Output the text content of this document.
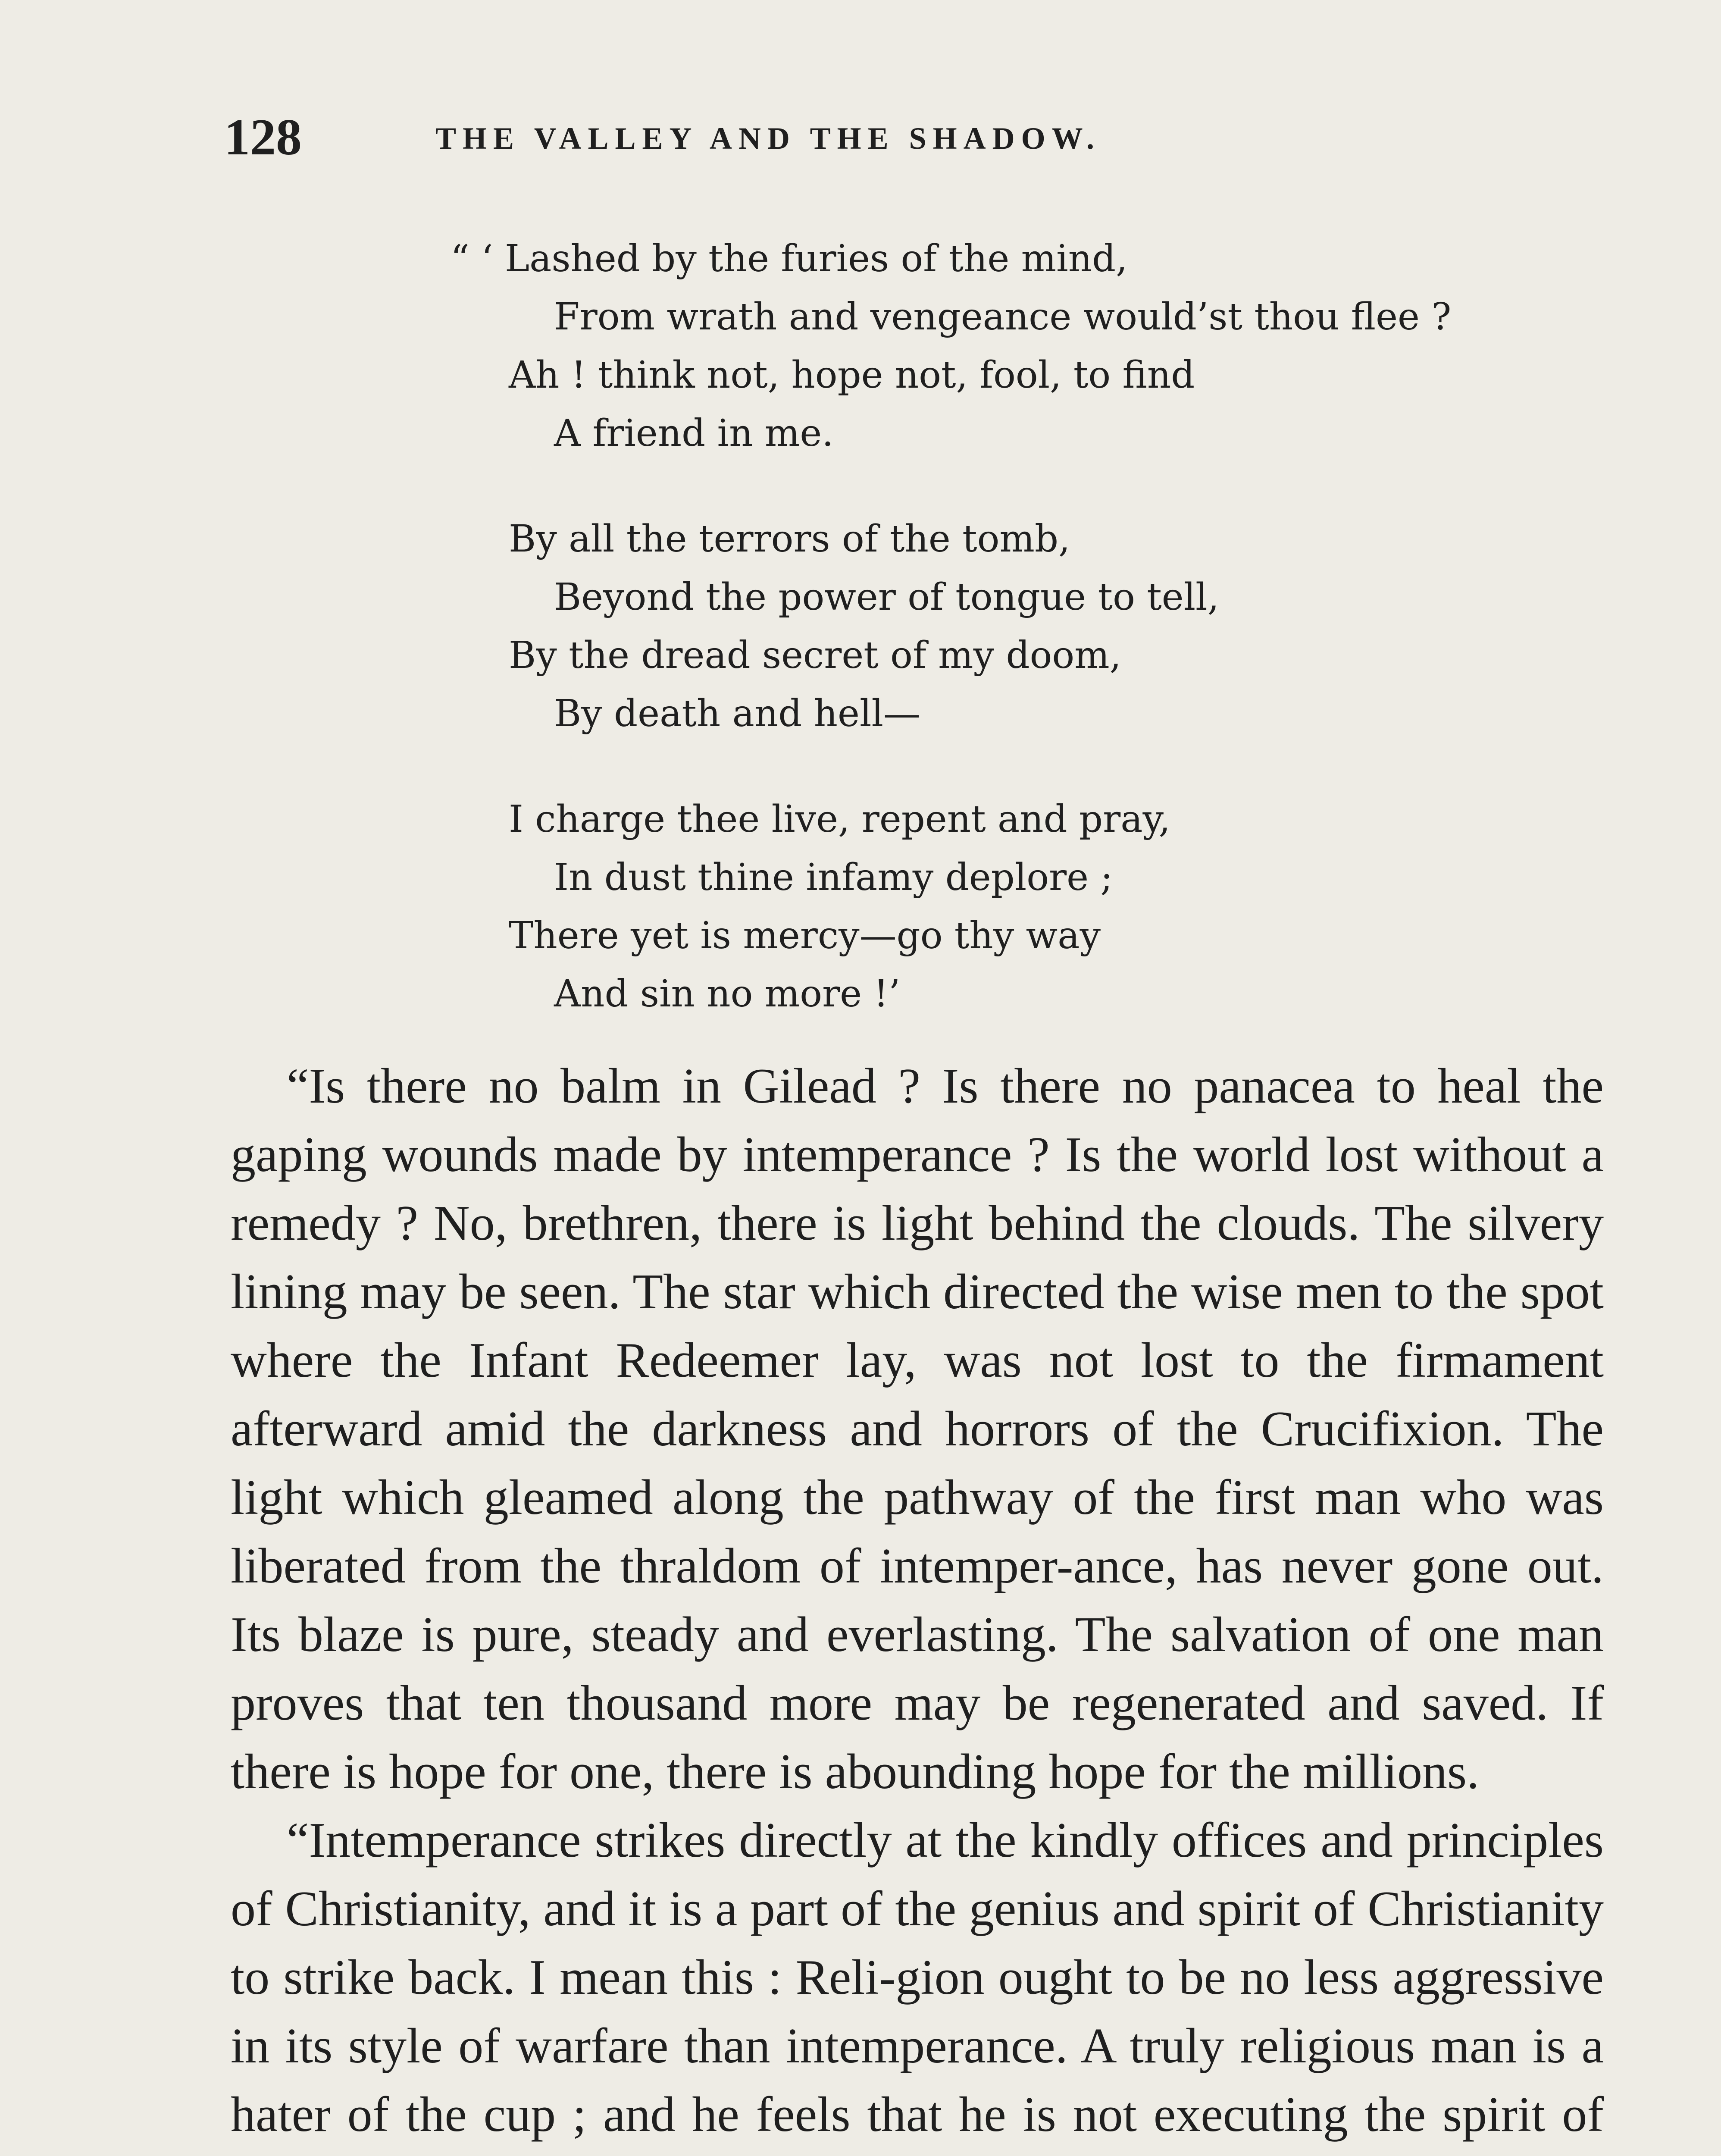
128	THE VALLEY AND THE SHADOW.
“ ‘ Lashed by the furies of the mind,
From wrath and vengeance would’st thou flee ?
Ah ! think not, hope not, fool, to find
A friend in me.
By all the terrors of the tomb,
Beyond the power of tongue to tell,
By the dread secret of my doom,
By death and hell—
I charge thee live, repent and pray,
In dust thine infamy deplore ;
There yet is mercy—go thy way
And sin no more !’

“Is there no balm in Gilead ? Is there no panacea to heal the gaping wounds made by intemperance ? Is the world lost without a remedy ? No, brethren, there is light behind the clouds. The silvery lining may be seen. The star which directed the wise men to the spot where the Infant Redeemer lay, was not lost to the firmament afterward amid the darkness and horrors of the Crucifixion. The light which gleamed along the pathway of the first man who was liberated from the thraldom of intemper-ance, has never gone out. Its blaze is pure, steady and everlasting. The salvation of one man proves that ten thousand more may be regenerated and saved. If there is hope for one, there is abounding hope for the millions.

“Intemperance strikes directly at the kindly offices and principles of Christianity, and it is a part of the genius and spirit of Christianity to strike back. I mean this : Reli-gion ought to be no less aggressive in its style of warfare than intemperance. A truly religious man is a hater of the cup ; and he feels that he is not executing the spirit of
